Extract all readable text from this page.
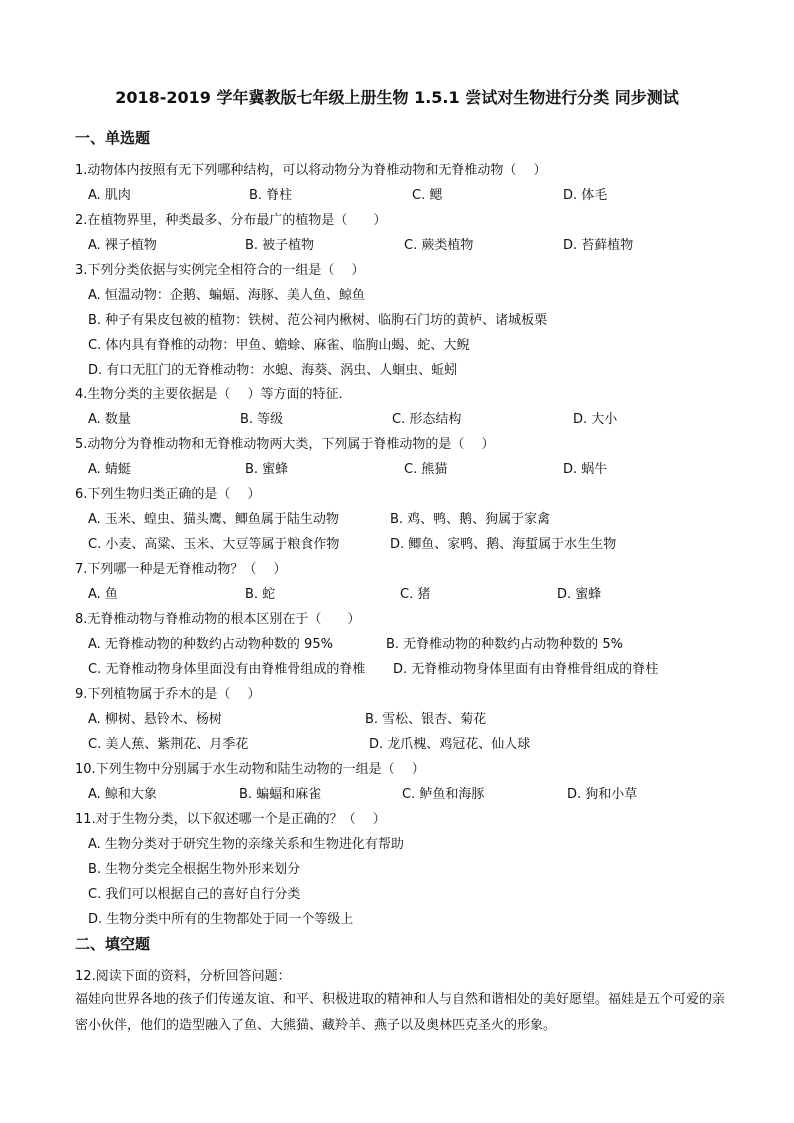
2018-2019 学年冀教版七年级上册生物 1.5.1 尝试对生物进行分类 同步测试
一、单选题
1.动物体内按照有无下列哪种结构，可以将动物分为脊椎动物和无脊椎动物（　 ）
A. 肌肉	B. 脊柱	C. 鳃	D. 体毛
2.在植物界里，种类最多、分布最广的植物是（　　）
A. 裸子植物	B. 被子植物	C. 蕨类植物	D. 苔藓植物
3.下列分类依据与实例完全相符合的一组是（　 ）
A. 恒温动物：企鹅、蝙蝠、海豚、美人鱼、鲸鱼
B. 种子有果皮包被的植物：铁树、范公祠内楸树、临朐石门坊的黄栌、诸城板栗
C. 体内具有脊椎的动物：甲鱼、蟾蜍、麻雀、临朐山蝎、蛇、大鲵
D. 有口无肛门的无脊椎动物：水螅、海葵、涡虫、人蛔虫、蚯蚓
4.生物分类的主要依据是（　 ）等方面的特征．
A. 数量	B. 等级	C. 形态结构	D. 大小
5.动物分为脊椎动物和无脊椎动物两大类，下列属于脊椎动物的是（　 ）
A. 蜻蜓	B. 蜜蜂	C. 熊猫	D. 蜗牛
6.下列生物归类正确的是（　 ）
A. 玉米、蝗虫、猫头鹰、鲫鱼属于陆生动物	B. 鸡、鸭、鹅、狗属于家禽
C. 小麦、高粱、玉米、大豆等属于粮食作物	D. 鲫鱼、家鸭、鹅、海蜇属于水生生物
7.下列哪一种是无脊椎动物？（　 ）
A. 鱼	B. 蛇	C. 猪	D. 蜜蜂
8.无脊椎动物与脊椎动物的根本区别在于（　　）
A. 无脊椎动物的种数约占动物种数的 95%	B. 无脊椎动物的种数约占动物种数的 5%
C. 无脊椎动物身体里面没有由脊椎骨组成的脊椎 D. 无脊椎动物身体里面有由脊椎骨组成的脊柱
9.下列植物属于乔木的是（　 ）
A. 柳树、悬铃木、杨树	B. 雪松、银杏、菊花
C. 美人蕉、紫荆花、月季花	D. 龙爪槐、鸡冠花、仙人球
10.下列生物中分别属于水生动物和陆生动物的一组是（　 ）
A. 鲸和大象	B. 蝙蝠和麻雀	C. 鲈鱼和海豚	D. 狗和小草
11.对于生物分类，以下叙述哪一个是正确的？（　 ）
A. 生物分类对于研究生物的亲缘关系和生物进化有帮助
B. 生物分类完全根据生物外形来划分
C. 我们可以根据自己的喜好自行分类
D. 生物分类中所有的生物都处于同一个等级上
二、填空题
12.阅读下面的资料，分析回答问题：
福娃向世界各地的孩子们传递友谊、和平、积极进取的精神和人与自然和谐相处的美好愿望。福娃是五个可爱的亲密小伙伴，他们的造型融入了鱼、大熊猫、藏羚羊、燕子以及奥林匹克圣火的形象。
